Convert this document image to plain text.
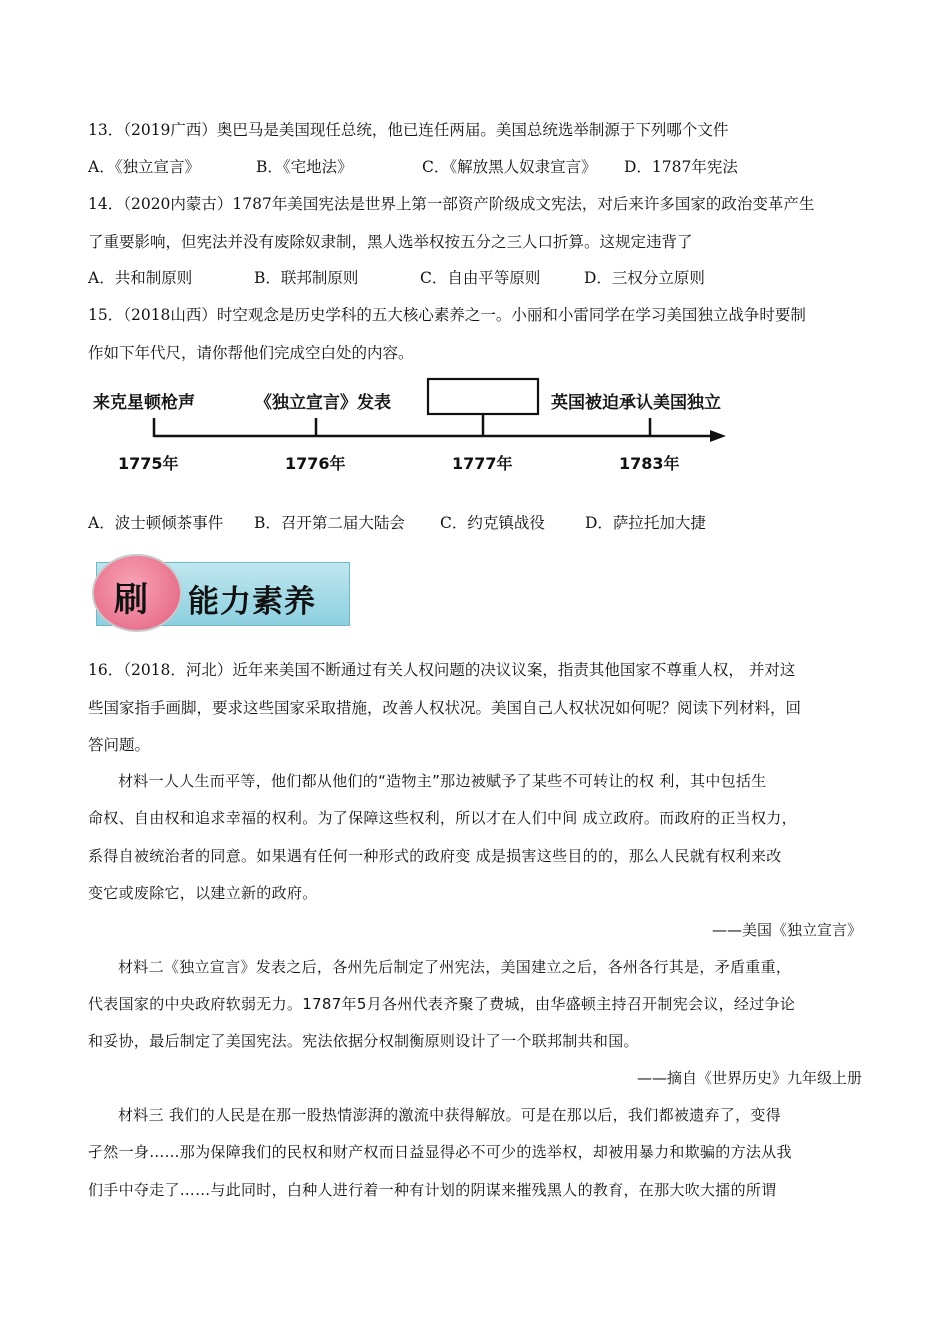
13．（2019广西）奥巴马是美国现任总统，他已连任两届。美国总统选举制源于下列哪个文件
A．《独立宣言》	B．《宅地法》	C．《解放黑人奴隶宣言》 D．1787年宪法
14．（2020内蒙古）1787年美国宪法是世界上第一部资产阶级成文宪法，对后来许多国家的政治变革产生
了重要影响，但宪法并没有废除奴隶制，黑人选举权按五分之三人口折算。这规定违背了
A．共和制原则	B．联邦制原则	C．自由平等原则	D．三权分立原则
15．（2018山西）时空观念是历史学科的五大核心素养之一。小丽和小雷同学在学习美国独立战争时要制
作如下年代尺，请你帮他们完成空白处的内容。
来克星顿枪声	《独立宣言》发表	英国被迫承认美国独立
1775年	1776年	1777年	1783年
A．波士顿倾茶事件 B．召开第二届大陆会 C．约克镇战役	D．萨拉托加大捷
刷 能力素养
16．（2018．河北）近年来美国不断通过有关人权问题的决议议案，指责其他国家不尊重人权， 并对这
些国家指手画脚，要求这些国家采取措施，改善人权状况。美国自己人权状况如何呢？阅读下列材料，回
答问题。
材料一人人生而平等，他们都从他们的“造物主”那边被赋予了某些不可转让的权 利，其中包括生
命权、自由权和追求幸福的权利。为了保障这些权利，所以才在人们中间 成立政府。而政府的正当权力，
系得自被统治者的同意。如果遇有任何一种形式的政府变 成是损害这些目的的，那么人民就有权利来改
变它或废除它，以建立新的政府。
——美国《独立宣言》
材料二《独立宣言》发表之后，各州先后制定了州宪法，美国建立之后，各州各行其是，矛盾重重，
代表国家的中央政府软弱无力。1787年5月各州代表齐聚了费城，由华盛顿主持召开制宪会议，经过争论
和妥协，最后制定了美国宪法。宪法依据分权制衡原则设计了一个联邦制共和国。
——摘自《世界历史》九年级上册
材料三 我们的人民是在那一股热情澎湃的激流中获得解放。可是在那以后，我们都被遗弃了，变得
孑然一身……那为保障我们的民权和财产权而日益显得必不可少的选举权，却被用暴力和欺骗的方法从我
们手中夺走了……与此同时，白种人进行着一种有计划的阴谋来摧残黑人的教育，在那大吹大擂的所谓
